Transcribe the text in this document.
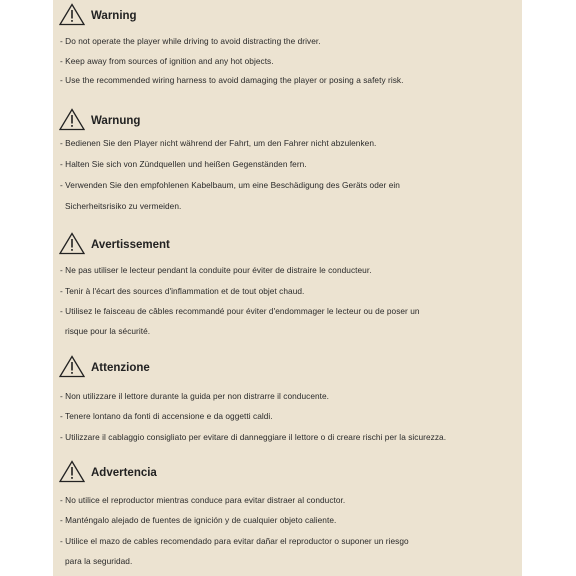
Warning
- Do not operate the player while driving to avoid distracting the driver.
- Keep away from sources of ignition and any hot objects.
- Use the recommended wiring harness to avoid damaging the player or posing a safety risk.
Warnung
- Bedienen Sie den Player nicht während der Fahrt, um den Fahrer nicht abzulenken.
- Halten Sie sich von Zündquellen und heißen Gegenständen fern.
- Verwenden Sie den empfohlenen Kabelbaum, um eine Beschädigung des Geräts oder ein
Sicherheitsrisiko zu vermeiden.
Avertissement
- Ne pas utiliser le lecteur pendant la conduite pour éviter de distraire le conducteur.
- Tenir à l'écart des sources d'inflammation et de tout objet chaud.
- Utilisez le faisceau de câbles recommandé pour éviter d'endommager le lecteur ou de poser un
risque pour la sécurité.
Attenzione
- Non utilizzare il lettore durante la guida per non distrarre il conducente.
- Tenere lontano da fonti di accensione e da oggetti caldi.
- Utilizzare il cablaggio consigliato per evitare di danneggiare il lettore o di creare rischi per la sicurezza.
Advertencia
- No utilice el reproductor mientras conduce para evitar distraer al conductor.
- Manténgalo alejado de fuentes de ignición y de cualquier objeto caliente.
- Utilice el mazo de cables recomendado para evitar dañar el reproductor o suponer un riesgo
para la seguridad.
